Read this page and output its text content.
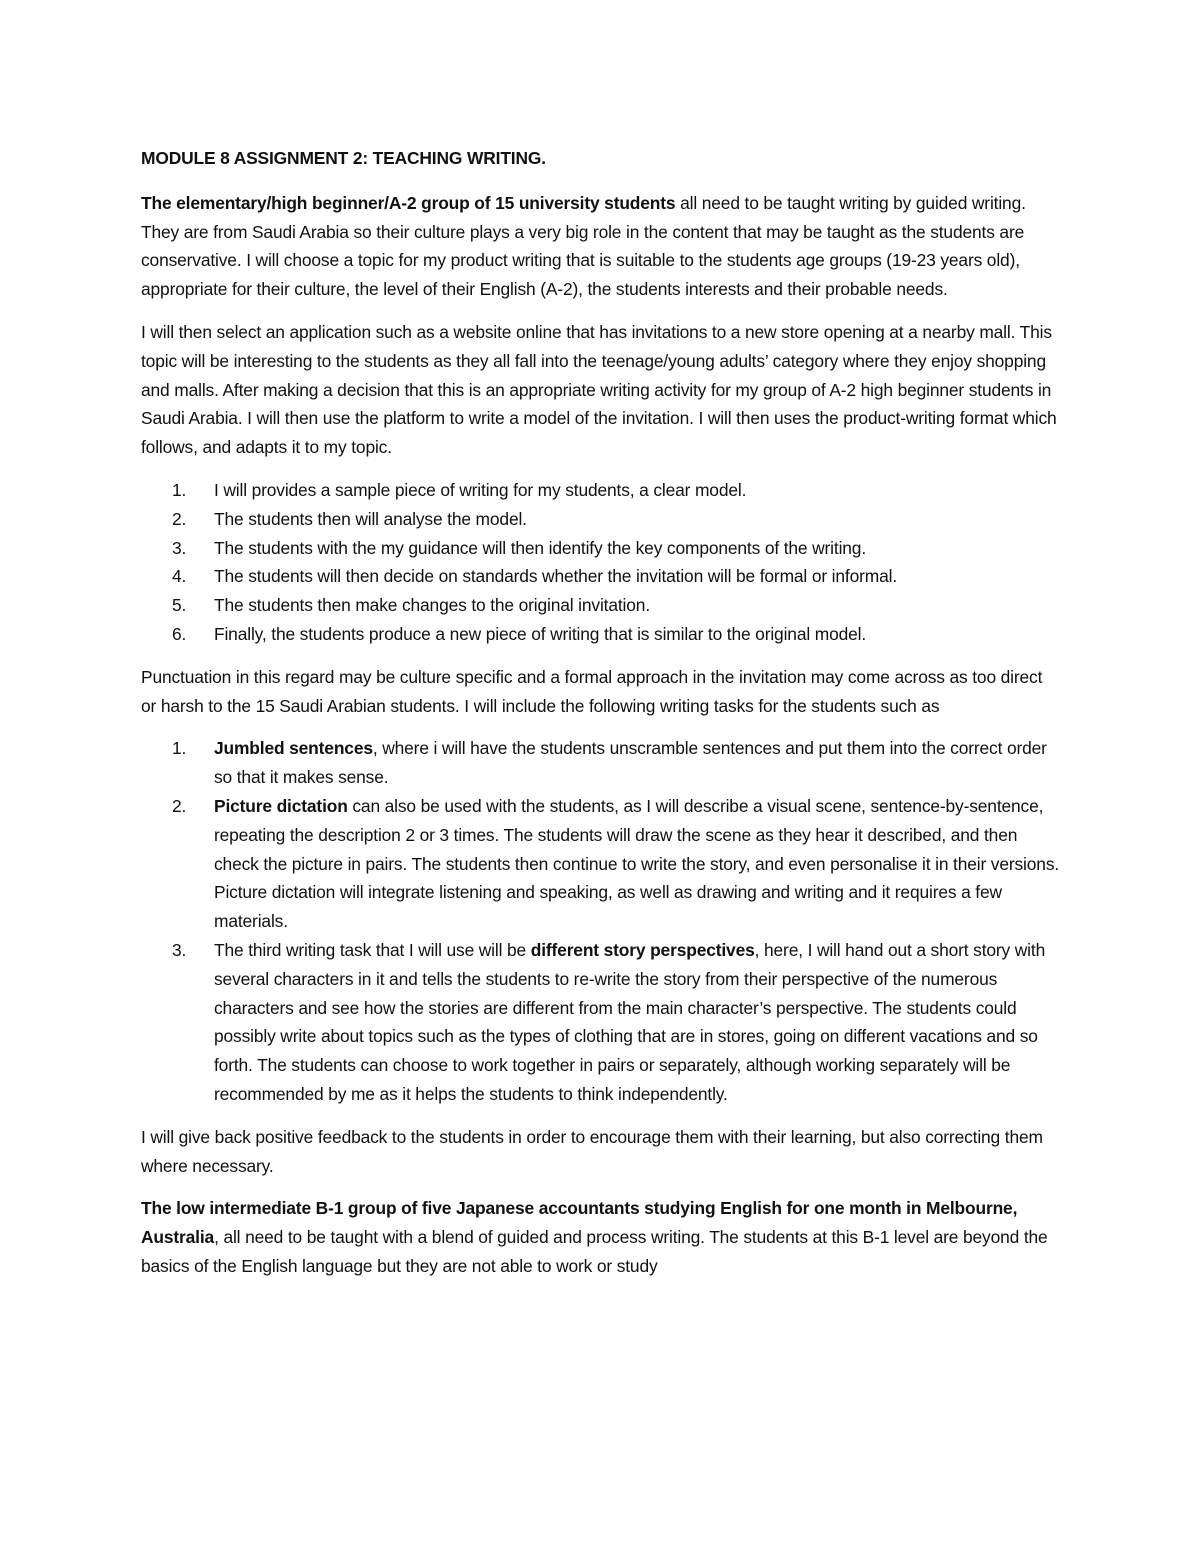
MODULE 8 ASSIGNMENT 2: TEACHING WRITING.

The elementary/high beginner/A-2 group of 15 university students all need to be taught writing by guided writing. They are from Saudi Arabia so their culture plays a very big role in the content that may be taught as the students are conservative. I will choose a topic for my product writing that is suitable to the students age groups (19-23 years old), appropriate for their culture, the level of their English (A-2), the students interests and their probable needs.

I will then select an application such as a website online that has invitations to a new store opening at a nearby mall. This topic will be interesting to the students as they all fall into the teenage/young adults’ category where they enjoy shopping and malls. After making a decision that this is an appropriate writing activity for my group of A-2 high beginner students in Saudi Arabia. I will then use the platform to write a model of the invitation. I will then uses the product-writing format which follows, and adapts it to my topic.

1. I will provides a sample piece of writing for my students, a clear model.
2. The students then will analyse the model.
3. The students with the my guidance will then identify the key components of the writing.
4. The students will then decide on standards whether the invitation will be formal or informal.
5. The students then make changes to the original invitation.
6. Finally, the students produce a new piece of writing that is similar to the original model.

Punctuation in this regard may be culture specific and a formal approach in the invitation may come across as too direct or harsh to the 15 Saudi Arabian students. I will include the following writing tasks for the students such as

1. Jumbled sentences, where i will have the students unscramble sentences and put them into the correct order so that it makes sense.
2. Picture dictation can also be used with the students, as I will describe a visual scene, sentence-by-sentence, repeating the description 2 or 3 times. The students will draw the scene as they hear it described, and then check the picture in pairs. The students then continue to write the story, and even personalise it in their versions. Picture dictation will integrate listening and speaking, as well as drawing and writing and it requires a few materials.
3. The third writing task that I will use will be different story perspectives, here, I will hand out a short story with several characters in it and tells the students to re-write the story from their perspective of the numerous characters and see how the stories are different from the main character’s perspective. The students could possibly write about topics such as the types of clothing that are in stores, going on different vacations and so forth. The students can choose to work together in pairs or separately, although working separately will be recommended by me as it helps the students to think independently.

I will give back positive feedback to the students in order to encourage them with their learning, but also correcting them where necessary.

The low intermediate B-1 group of five Japanese accountants studying English for one month in Melbourne, Australia, all need to be taught with a blend of guided and process writing. The students at this B-1 level are beyond the basics of the English language but they are not able to work or study
